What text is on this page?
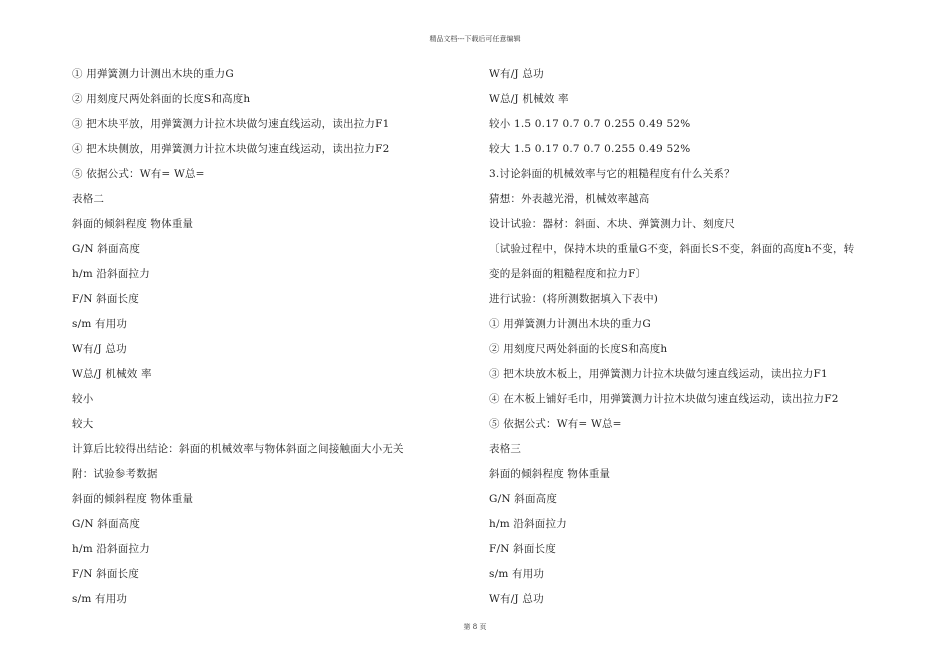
精品文档---下载后可任意编辑
① 用弹簧测力计测出木块的重力G
② 用刻度尺两处斜面的长度S和高度h
③ 把木块平放，用弹簧测力计拉木块做匀速直线运动，读出拉力F1
④ 把木块侧放，用弹簧测力计拉木块做匀速直线运动，读出拉力F2
⑤ 依据公式：W有= W总=
表格二
斜面的倾斜程度 物体重量
G/N 斜面高度
h/m 沿斜面拉力
F/N 斜面长度
s/m 有用功
W有/J 总功
W总/J 机械效 率
较小
较大
计算后比较得出结论：斜面的机械效率与物体斜面之间接触面大小无关
附：试验参考数据
斜面的倾斜程度 物体重量
G/N 斜面高度
h/m 沿斜面拉力
F/N 斜面长度
s/m 有用功
W有/J 总功
W总/J 机械效 率
较小 1.5 0.17 0.7 0.7 0.255 0.49 52%
较大 1.5 0.17 0.7 0.7 0.255 0.49 52%
3.讨论斜面的机械效率与它的粗糙程度有什么关系？
猜想：外表越光滑，机械效率越高
设计试验：器材：斜面、木块、弹簧测力计、刻度尺
〔试验过程中，保持木块的重量G不变，斜面长S不变，斜面的高度h不变，转
变的是斜面的粗糙程度和拉力F〕
进行试验：(将所测数据填入下表中)
① 用弹簧测力计测出木块的重力G
② 用刻度尺两处斜面的长度S和高度h
③ 把木块放木板上，用弹簧测力计拉木块做匀速直线运动，读出拉力F1
④ 在木板上铺好毛巾，用弹簧测力计拉木块做匀速直线运动，读出拉力F2
⑤ 依据公式：W有= W总=
表格三
斜面的倾斜程度 物体重量
G/N 斜面高度
h/m 沿斜面拉力
F/N 斜面长度
s/m 有用功
W有/J 总功
第 8 页
